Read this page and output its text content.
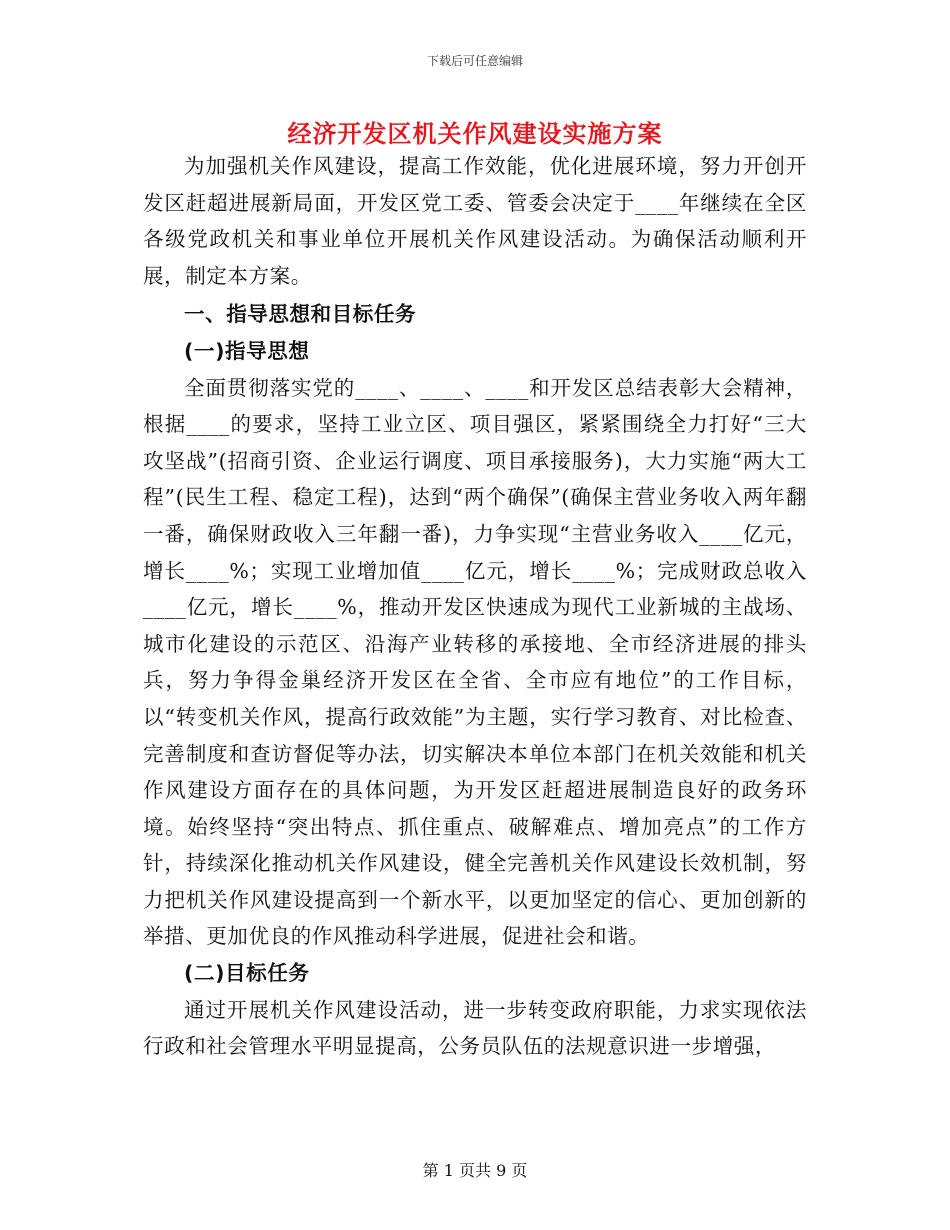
下载后可任意编辑
经济开发区机关作风建设实施方案

为加强机关作风建设，提高工作效能，优化进展环境，努力开创开发区赶超进展新局面，开发区党工委、管委会决定于____年继续在全区各级党政机关和事业单位开展机关作风建设活动。为确保活动顺利开展，制定本方案。

一、指导思想和目标任务
(一)指导思想

全面贯彻落实党的____、____、____和开发区总结表彰大会精神，根据____的要求，坚持工业立区、项目强区，紧紧围绕全力打好“三大攻坚战”(招商引资、企业运行调度、项目承接服务)，大力实施“两大工程”(民生工程、稳定工程)，达到“两个确保”(确保主营业务收入两年翻一番，确保财政收入三年翻一番)，力争实现“主营业务收入____亿元，增长____%；实现工业增加值____亿元，增长____%；完成财政总收入____亿元，增长____%，推动开发区快速成为现代工业新城的主战场、城市化建设的示范区、沿海产业转移的承接地、全市经济进展的排头兵，努力争得金巢经济开发区在全省、全市应有地位”的工作目标，以“转变机关作风，提高行政效能”为主题，实行学习教育、对比检查、完善制度和查访督促等办法，切实解决本单位本部门在机关效能和机关作风建设方面存在的具体问题，为开发区赶超进展制造良好的政务环境。始终坚持“突出特点、抓住重点、破解难点、增加亮点”的工作方针，持续深化推动机关作风建设，健全完善机关作风建设长效机制，努力把机关作风建设提高到一个新水平，以更加坚定的信心、更加创新的举措、更加优良的作风推动科学进展，促进社会和谐。

(二)目标任务

通过开展机关作风建设活动，进一步转变政府职能，力求实现依法行政和社会管理水平明显提高，公务员队伍的法规意识进一步增强，

第 1 页共 9 页
